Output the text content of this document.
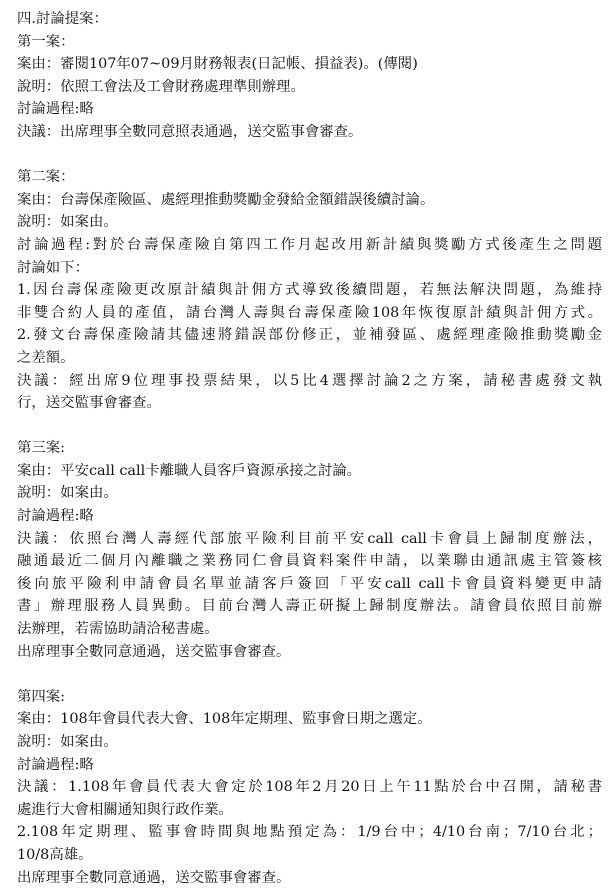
四.討論提案：
第一案：
案由：審閱107年07~09月財務報表(日記帳、損益表)。(傳閱)
說明：依照工會法及工會財務處理準則辦理。
討論過程:略
決議：出席理事全數同意照表通過，送交監事會審查。
第二案：
案由：台壽保產險區、處經理推動獎勵金發給金額錯誤後續討論。
說明：如案由。
討論過程:對於台壽保產險自第四工作月起改用新計績與獎勵方式後產生之問題
討論如下：
1.因台壽保產險更改原計績與計佣方式導致後續問題，若無法解決問題，為維持
非雙合約人員的產值，請台灣人壽與台壽保產險108年恢復原計績與計佣方式。
2.發文台壽保產險請其儘速將錯誤部份修正，並補發區、處經理產險推動獎勵金
之差額。
決議：經出席9位理事投票結果，以5比4選擇討論2之方案，請秘書處發文執
行，送交監事會審查。
第三案:
案由：平安call call卡離職人員客戶資源承接之討論。
說明：如案由。
討論過程:略
決議：依照台灣人壽經代部旅平險利目前平安call call卡會員上歸制度辦法，
融通最近二個月內離職之業務同仁會員資料案件申請，以業聯由通訊處主管簽核
後向旅平險利申請會員名單並請客戶簽回「平安call call卡會員資料變更申請
書」辦理服務人員異動。目前台灣人壽正研擬上歸制度辦法。請會員依照目前辦
法辦理，若需協助請洽秘書處。
出席理事全數同意通過，送交監事會審查。
第四案:
案由：108年會員代表大會、108年定期理、監事會日期之選定。
說明：如案由。
討論過程:略
決議：1.108年會員代表大會定於108年2月20日上午11點於台中召開，請秘書
處進行大會相關通知與行政作業。
2.108年定期理、監事會時間與地點預定為：1/9台中；4/10台南；7/10台北；
10/8高雄。
出席理事全數同意通過，送交監事會審查。
